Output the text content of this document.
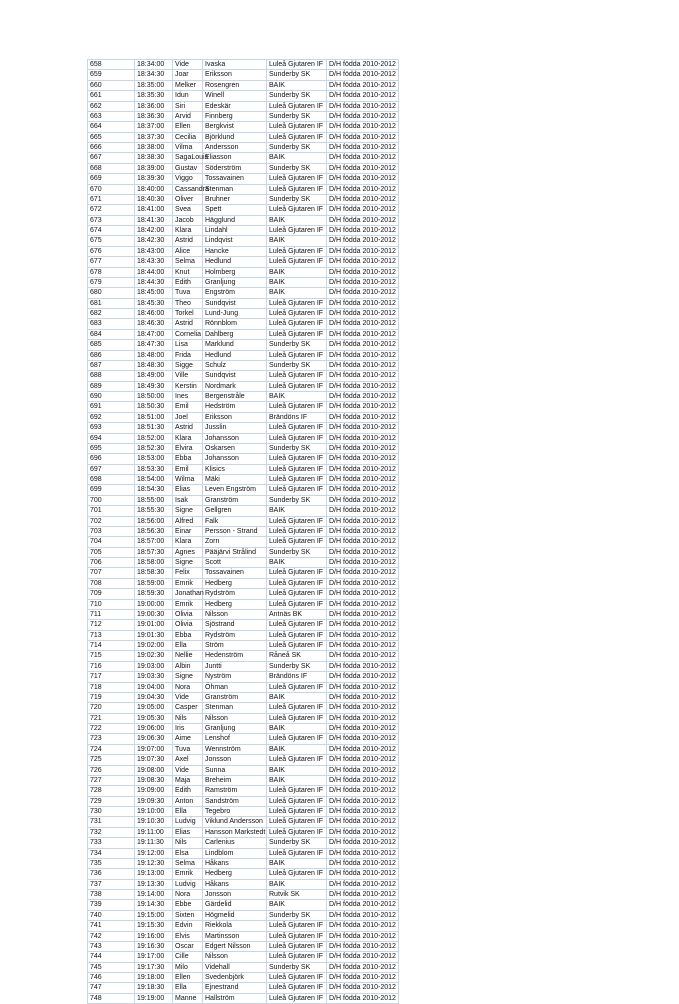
658	18:34:00	Vide	Ivaska	Luleå Gjutaren IF	D/H födda 2010-2012
659	18:34:30	Joar	Eriksson	Sunderby SK	D/H födda 2010-2012
660	18:35:00	Melker	Rosengren	BAIK	D/H födda 2010-2012
661	18:35:30	Idun	Winell	Sunderby SK	D/H födda 2010-2012
662	18:36:00	Siri	Edeskär	Luleå Gjutaren IF	D/H födda 2010-2012
663	18:36:30	Arvid	Finnberg	Sunderby SK	D/H födda 2010-2012
664	18:37:00	Ellen	Bergkvist	Luleå Gjutaren IF	D/H födda 2010-2012
665	18:37:30	Cecilia	Björklund	Luleå Gjutaren IF	D/H födda 2010-2012
666	18:38:00	Vilma	Andersson	Sunderby SK	D/H födda 2010-2012
667	18:38:30	SagaLouis	Eliasson	BAIK	D/H födda 2010-2012
668	18:39:00	Gustav	Söderström	Sunderby SK	D/H födda 2010-2012
669	18:39:30	Viggo	Tossavainen	Luleå Gjutaren IF	D/H födda 2010-2012
670	18:40:00	Cassandra	Stenman	Luleå Gjutaren IF	D/H födda 2010-2012
671	18:40:30	Oliver	Bruhner	Sunderby SK	D/H födda 2010-2012
672	18:41:00	Svea	Spett	Luleå Gjutaren IF	D/H födda 2010-2012
673	18:41:30	Jacob	Hägglund	BAIK	D/H födda 2010-2012
674	18:42:00	Klara	Lindahl	Luleå Gjutaren IF	D/H födda 2010-2012
675	18:42:30	Astrid	Lindqvist	BAIK	D/H födda 2010-2012
676	18:43:00	Alice	Hancke	Luleå Gjutaren IF	D/H födda 2010-2012
677	18:43:30	Selma	Hedlund	Luleå Gjutaren IF	D/H födda 2010-2012
678	18:44:00	Knut	Holmberg	BAIK	D/H födda 2010-2012
679	18:44:30	Edith	Granljung	BAIK	D/H födda 2010-2012
680	18:45:00	Tuva	Engström	BAIK	D/H födda 2010-2012
681	18:45:30	Theo	Sundqvist	Luleå Gjutaren IF	D/H födda 2010-2012
682	18:46:00	Torkel	Lund-Jung	Luleå Gjutaren IF	D/H födda 2010-2012
683	18:46:30	Astrid	Rönnblom	Luleå Gjutaren IF	D/H födda 2010-2012
684	18:47:00	Cornelia	Dahlberg	Luleå Gjutaren IF	D/H födda 2010-2012
685	18:47:30	Lisa	Marklund	Sunderby SK	D/H födda 2010-2012
686	18:48:00	Frida	Hedlund	Luleå Gjutaren IF	D/H födda 2010-2012
687	18:48:30	Sigge	Schulz	Sunderby SK	D/H födda 2010-2012
688	18:49:00	Ville	Sundqvist	Luleå Gjutaren IF	D/H födda 2010-2012
689	18:49:30	Kerstin	Nordmark	Luleå Gjutaren IF	D/H födda 2010-2012
690	18:50:00	Ines	Bergenstråle	BAIK	D/H födda 2010-2012
691	18:50:30	Emil	Hedström	Luleå Gjutaren IF	D/H födda 2010-2012
692	18:51:00	Joel	Eriksson	Brändöns IF	D/H födda 2010-2012
693	18:51:30	Astrid	Jusslin	Luleå Gjutaren IF	D/H födda 2010-2012
694	18:52:00	Klara	Johansson	Luleå Gjutaren IF	D/H födda 2010-2012
695	18:52:30	Elvira	Oskarsen	Sunderby SK	D/H födda 2010-2012
696	18:53:00	Ebba	Johansson	Luleå Gjutaren IF	D/H födda 2010-2012
697	18:53:30	Emil	Klisics	Luleå Gjutaren IF	D/H födda 2010-2012
698	18:54:00	Wilma	Mäki	Luleå Gjutaren IF	D/H födda 2010-2012
699	18:54:30	Elias	Leven Engström	Luleå Gjutaren IF	D/H födda 2010-2012
700	18:55:00	Isak	Granström	Sunderby SK	D/H födda 2010-2012
701	18:55:30	Signe	Gellgren	BAIK	D/H födda 2010-2012
702	18:56:00	Alfred	Falk	Luleå Gjutaren IF	D/H födda 2010-2012
703	18:56:30	Einar	Persson - Strand	Luleå Gjutaren IF	D/H födda 2010-2012
704	18:57:00	Klara	Zorn	Luleå Gjutaren IF	D/H födda 2010-2012
705	18:57:30	Agnes	Pääjärvi Strålind	Sunderby SK	D/H födda 2010-2012
706	18:58:00	Signe	Scott	BAIK	D/H födda 2010-2012
707	18:58:30	Felix	Tossavainen	Luleå Gjutaren IF	D/H födda 2010-2012
708	18:59:00	Emrik	Hedberg	Luleå Gjutaren IF	D/H födda 2010-2012
709	18:59:30	Jonathan	Rydström	Luleå Gjutaren IF	D/H födda 2010-2012
710	19:00:00	Emrik	Hedberg	Luleå Gjutaren IF	D/H födda 2010-2012
711	19:00:30	Olivia	Nilsson	Antnäs BK	D/H födda 2010-2012
712	19:01:00	Olivia	Sjöstrand	Luleå Gjutaren IF	D/H födda 2010-2012
713	19:01:30	Ebba	Rydström	Luleå Gjutaren IF	D/H födda 2010-2012
714	19:02:00	Ella	Ström	Luleå Gjutaren IF	D/H födda 2010-2012
715	19:02:30	Nellie	Hedenström	Råneå SK	D/H födda 2010-2012
716	19:03:00	Albin	Juntti	Sunderby SK	D/H födda 2010-2012
717	19:03:30	Signe	Nyström	Brändöns IF	D/H födda 2010-2012
718	19:04:00	Nora	Öhman	Luleå Gjutaren IF	D/H födda 2010-2012
719	19:04:30	Vide	Granström	BAIK	D/H födda 2010-2012
720	19:05:00	Casper	Stenman	Luleå Gjutaren IF	D/H födda 2010-2012
721	19:05:30	Nils	Nilsson	Luleå Gjutaren IF	D/H födda 2010-2012
722	19:06:00	Iris	Granljung	BAIK	D/H födda 2010-2012
723	19:06:30	Aime	Lenshof	Luleå Gjutaren IF	D/H födda 2010-2012
724	19:07:00	Tuva	Wennström	BAIK	D/H födda 2010-2012
725	19:07:30	Axel	Jonsson	Luleå Gjutaren IF	D/H födda 2010-2012
726	19:08:00	Vide	Sunna	BAIK	D/H födda 2010-2012
727	19:08:30	Maja	Breheim	BAIK	D/H födda 2010-2012
728	19:09:00	Edith	Ramström	Luleå Gjutaren IF	D/H födda 2010-2012
729	19:09:30	Anton	Sandström	Luleå Gjutaren IF	D/H födda 2010-2012
730	19:10:00	Ella	Tegebro	Luleå Gjutaren IF	D/H födda 2010-2012
731	19:10:30	Ludvig	Viklund Andersson	Luleå Gjutaren IF	D/H födda 2010-2012
732	19:11:00	Elias	Hansson Markstedt	Luleå Gjutaren IF	D/H födda 2010-2012
733	19:11:30	Nils	Carlenius	Sunderby SK	D/H födda 2010-2012
734	19:12:00	Elsa	Lindblom	Luleå Gjutaren IF	D/H födda 2010-2012
735	19:12:30	Selma	Håkans	BAIK	D/H födda 2010-2012
736	19:13:00	Emrik	Hedberg	Luleå Gjutaren IF	D/H födda 2010-2012
737	19:13:30	Ludvig	Håkans	BAIK	D/H födda 2010-2012
738	19:14:00	Nora	Jonsson	Rutvik SK	D/H födda 2010-2012
739	19:14:30	Ebbe	Gärdelid	BAIK	D/H födda 2010-2012
740	19:15:00	Sixten	Högmelid	Sunderby SK	D/H födda 2010-2012
741	19:15:30	Edvin	Riekkola	Luleå Gjutaren IF	D/H födda 2010-2012
742	19:16:00	Elvis	Martinsson	Luleå Gjutaren IF	D/H födda 2010-2012
743	19:16:30	Oscar	Edgert Nilsson	Luleå Gjutaren IF	D/H födda 2010-2012
744	19:17:00	Cille	Nilsson	Luleå Gjutaren IF	D/H födda 2010-2012
745	19:17:30	Milo	Videhall	Sunderby SK	D/H födda 2010-2012
746	19:18:00	Ellen	Svedenbjörk	Luleå Gjutaren IF	D/H födda 2010-2012
747	19:18:30	Ella	Ejnestrand	Luleå Gjutaren IF	D/H födda 2010-2012
748	19:19:00	Manne	Hallström	Luleå Gjutaren IF	D/H födda 2010-2012
